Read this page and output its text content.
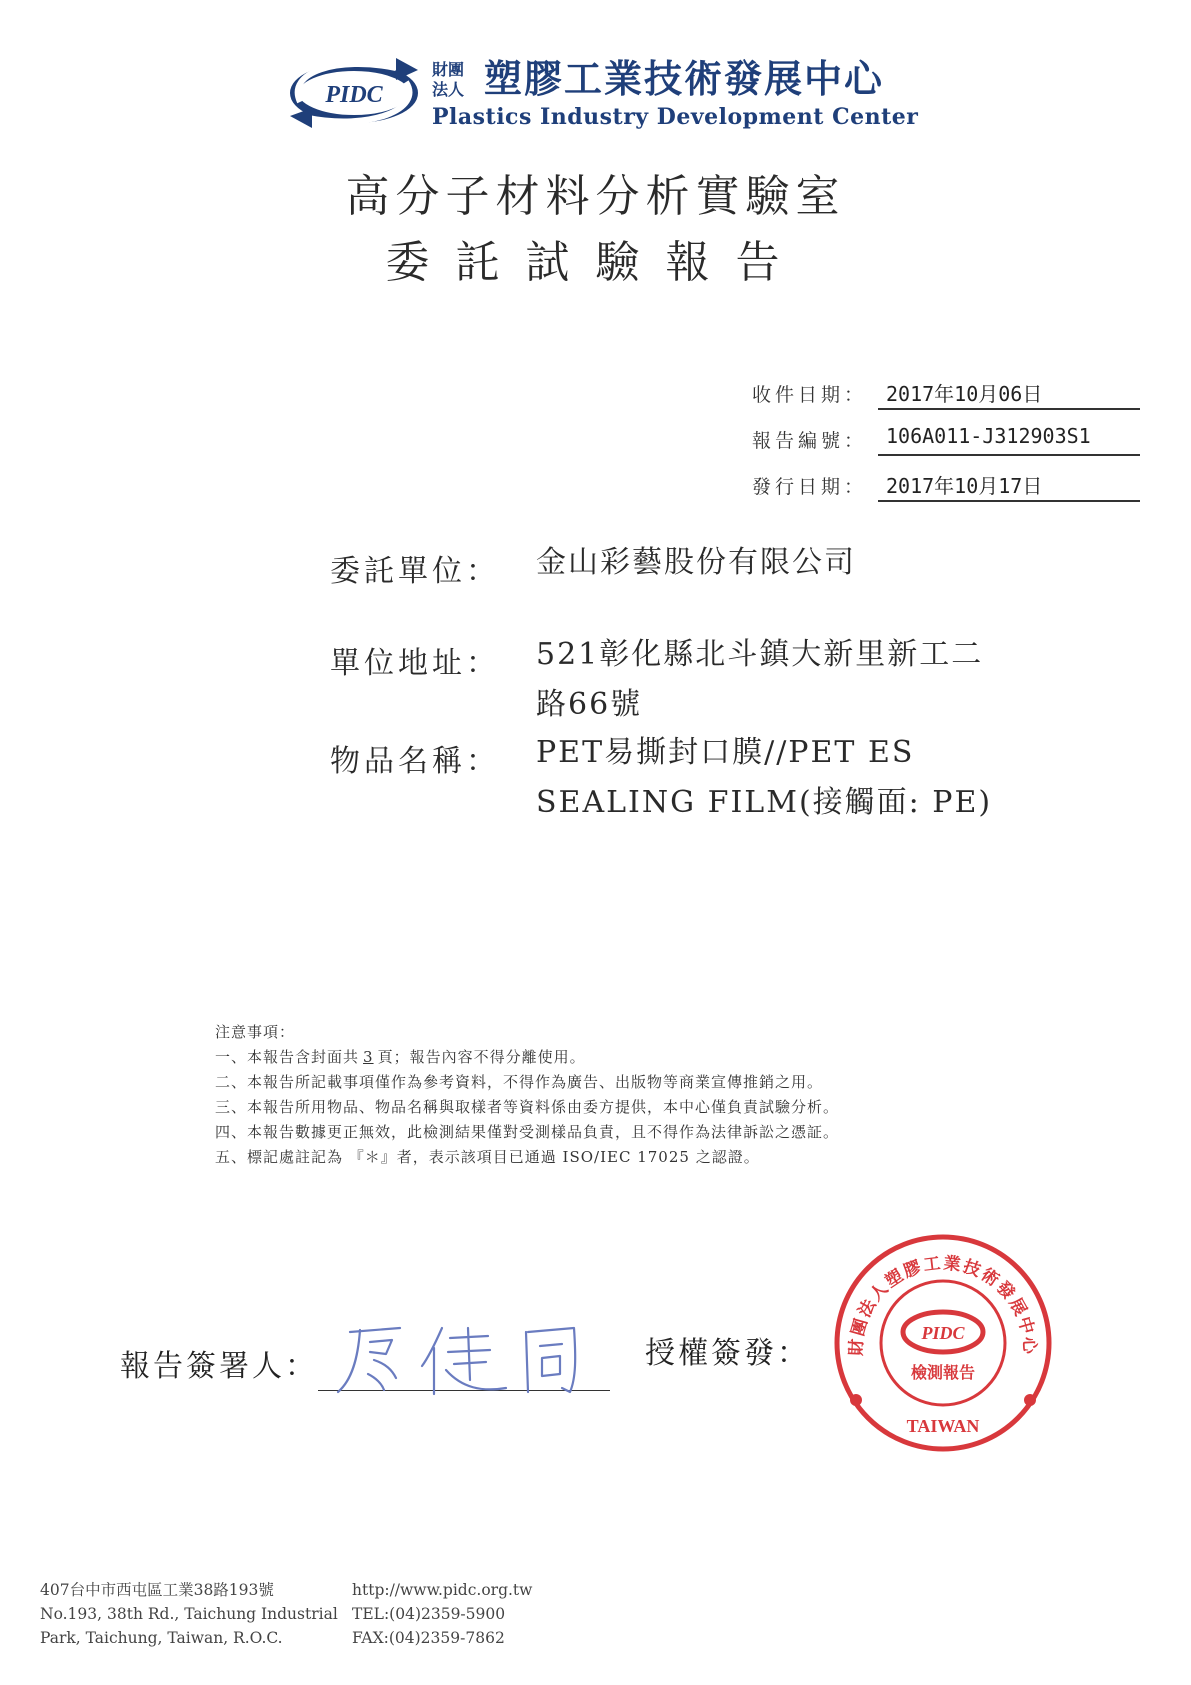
PIDC
財團
法人 塑膠工業技術發展中心
Plastics Industry Development Center
高分子材料分析實驗室
委託試驗報告
收件日期： 2017年10月06日
報告編號： 106A011-J312903S1
發行日期： 2017年10月17日
委託單位： 金山彩藝股份有限公司
單位地址： 521彰化縣北斗鎮大新里新工二
路66號
物品名稱： PET易撕封口膜//PET ES
SEALING FILM(接觸面: PE)
注意事項：
一、本報告含封面共 3 頁；報告內容不得分離使用。
二、本報告所記載事項僅作為參考資料，不得作為廣告、出版物等商業宣傳推銷之用。
三、本報告所用物品、物品名稱與取樣者等資料係由委方提供，本中心僅負責試驗分析。
四、本報告數據更正無效，此檢測結果僅對受測樣品負責，且不得作為法律訴訟之憑証。
五、標記處註記為 『＊』者，表示該項目已通過 ISO/IEC 17025 之認證。
報告簽署人：	授權簽發： 財團法人塑膠工業技術發展中心
TAIWAN
PIDC
檢測報告
407台中市西屯區工業38路193號
No.193, 38th Rd., Taichung Industrial
Park, Taichung, Taiwan, R.O.C.
http://www.pidc.org.tw
TEL:(04)2359-5900
FAX:(04)2359-7862
